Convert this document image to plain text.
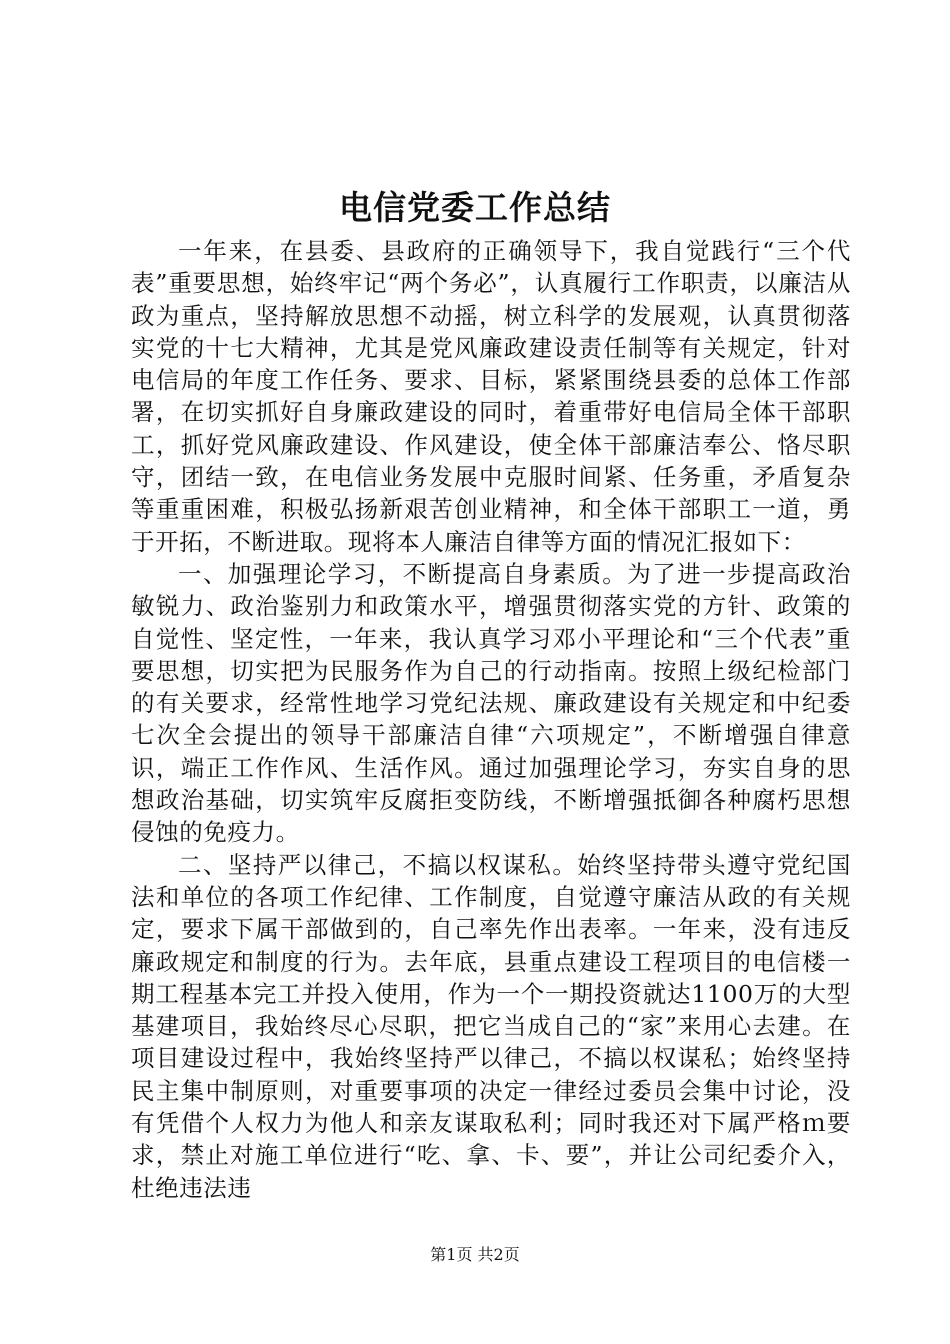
电信党委工作总结

一年来，在县委、县政府的正确领导下，我自觉践行“三个代表”重要思想，始终牢记“两个务必”，认真履行工作职责，以廉洁从政为重点，坚持解放思想不动摇，树立科学的发展观，认真贯彻落实党的十七大精神，尤其是党风廉政建设责任制等有关规定，针对电信局的年度工作任务、要求、目标，紧紧围绕县委的总体工作部署，在切实抓好自身廉政建设的同时，着重带好电信局全体干部职工，抓好党风廉政建设、作风建设，使全体干部廉洁奉公、恪尽职守，团结一致，在电信业务发展中克服时间紧、任务重，矛盾复杂等重重困难，积极弘扬新艰苦创业精神，和全体干部职工一道，勇于开拓，不断进取。现将本人廉洁自律等方面的情况汇报如下：

一、加强理论学习，不断提高自身素质。为了进一步提高政治敏锐力、政治鉴别力和政策水平，增强贯彻落实党的方针、政策的自觉性、坚定性，一年来，我认真学习邓小平理论和“三个代表”重要思想，切实把为民服务作为自己的行动指南。按照上级纪检部门的有关要求，经常性地学习党纪法规、廉政建设有关规定和中纪委七次全会提出的领导干部廉洁自律“六项规定”，不断增强自律意识，端正工作作风、生活作风。通过加强理论学习，夯实自身的思想政治基础，切实筑牢反腐拒变防线，不断增强抵御各种腐朽思想侵蚀的免疫力。

二、坚持严以律己，不搞以权谋私。始终坚持带头遵守党纪国法和单位的各项工作纪律、工作制度，自觉遵守廉洁从政的有关规定，要求下属干部做到的，自己率先作出表率。一年来，没有违反廉政规定和制度的行为。去年底，县重点建设工程项目的电信楼一期工程基本完工并投入使用，作为一个一期投资就达1100万的大型基建项目，我始终尽心尽职，把它当成自己的“家”来用心去建。在项目建设过程中，我始终坚持严以律己，不搞以权谋私；始终坚持民主集中制原则，对重要事项的决定一律经过委员会集中讨论，没有凭借个人权力为他人和亲友谋取私利；同时我还对下属严格ｍ要求，禁止对施工单位进行“吃、拿、卡、要”，并让公司纪委介入，杜绝违法违

第1页 共2页
